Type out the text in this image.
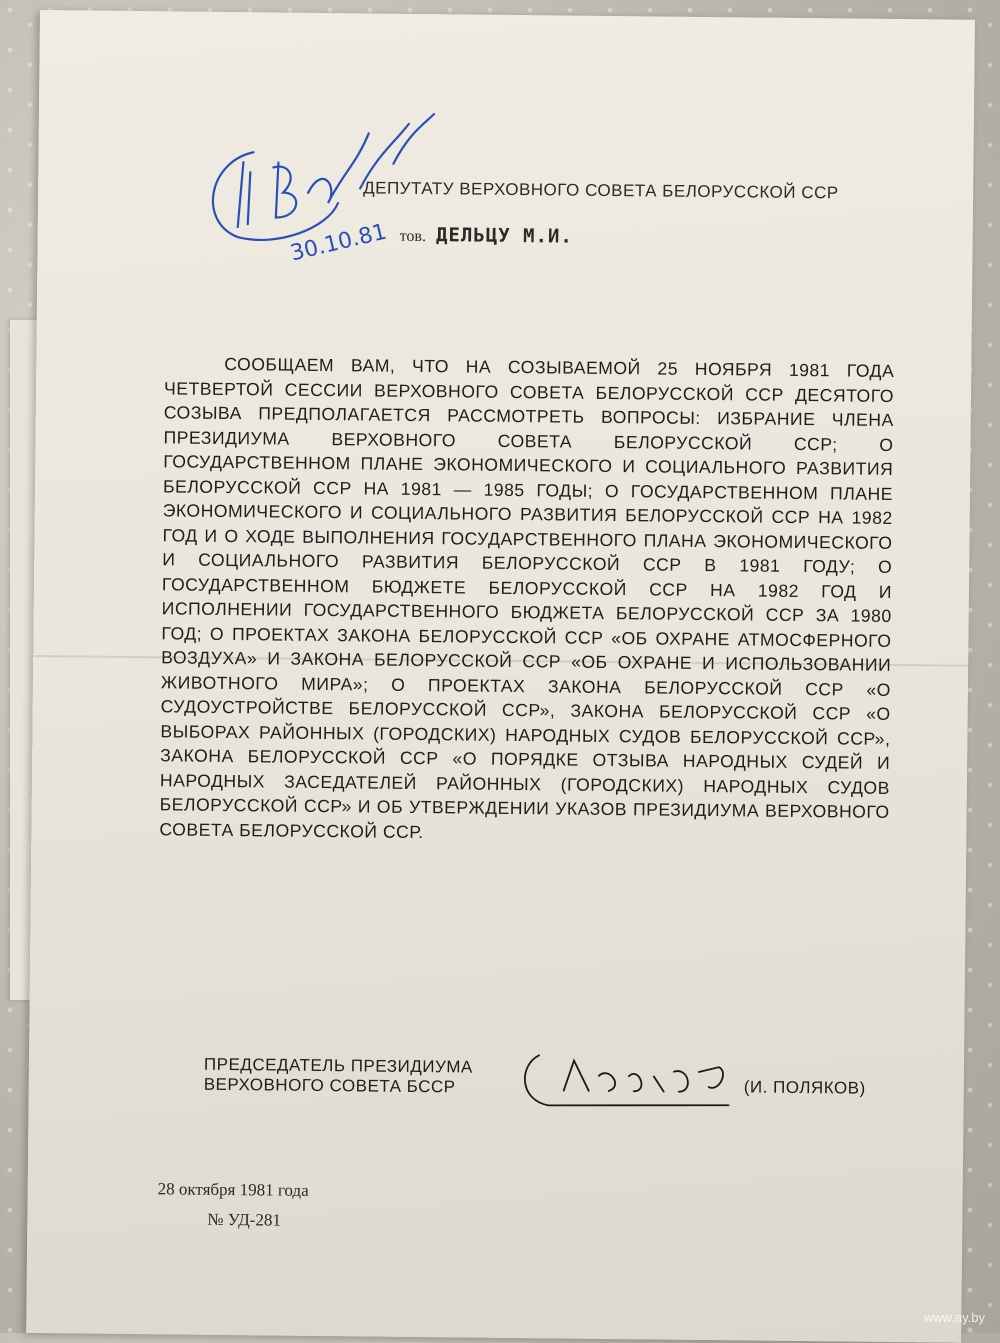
ДЕПУТАТУ ВЕРХОВНОГО СОВЕТА БЕЛОРУССКОЙ ССР
тов. ДЕЛЬЦУ М.И.
СООБЩАЕМ ВАМ, ЧТО НА СОЗЫВАЕМОЙ 25 НОЯБРЯ 1981 ГОДА ЧЕТВЕРТОЙ СЕССИИ ВЕРХОВНОГО СОВЕТА БЕЛОРУССКОЙ ССР ДЕСЯТОГО СОЗЫВА ПРЕДПОЛАГАЕТСЯ РАССМОТРЕТЬ ВОПРОСЫ: ИЗБРАНИЕ ЧЛЕНА ПРЕЗИДИУМА ВЕРХОВНОГО СОВЕТА БЕЛОРУССКОЙ ССР; О ГОСУДАРСТВЕННОМ ПЛАНЕ ЭКОНОМИЧЕСКОГО И СОЦИАЛЬНОГО РАЗВИТИЯ БЕЛОРУССКОЙ ССР НА 1981 — 1985 ГОДЫ; О ГОСУДАРСТВЕННОМ ПЛАНЕ ЭКОНОМИЧЕСКОГО И СОЦИАЛЬНОГО РАЗВИТИЯ БЕЛОРУССКОЙ ССР НА 1982 ГОД И О ХОДЕ ВЫПОЛНЕНИЯ ГОСУДАРСТВЕННОГО ПЛАНА ЭКОНОМИЧЕСКОГО И СОЦИАЛЬНОГО РАЗВИТИЯ БЕЛОРУССКОЙ ССР В 1981 ГОДУ; О ГОСУДАРСТВЕННОМ БЮДЖЕТЕ БЕЛОРУССКОЙ ССР НА 1982 ГОД И ИСПОЛНЕНИИ ГОСУДАРСТВЕННОГО БЮДЖЕТА БЕЛОРУССКОЙ ССР ЗА 1980 ГОД; О ПРОЕКТАХ ЗАКОНА БЕЛОРУССКОЙ ССР «ОБ ОХРАНЕ АТМОСФЕРНОГО ВОЗДУХА» И ЗАКОНА БЕЛОРУССКОЙ ССР «ОБ ОХРАНЕ И ИСПОЛЬЗОВАНИИ ЖИВОТНОГО МИРА»; О ПРОЕКТАХ ЗАКОНА БЕЛОРУССКОЙ ССР «О СУДОУСТРОЙСТВЕ БЕЛОРУССКОЙ ССР», ЗАКОНА БЕЛОРУССКОЙ ССР «О ВЫБОРАХ РАЙОННЫХ (ГОРОДСКИХ) НАРОДНЫХ СУДОВ БЕЛОРУССКОЙ ССР», ЗАКОНА БЕЛОРУССКОЙ ССР «О ПОРЯДКЕ ОТЗЫВА НАРОДНЫХ СУДЕЙ И НАРОДНЫХ ЗАСЕДАТЕЛЕЙ РАЙОННЫХ (ГОРОДСКИХ) НАРОДНЫХ СУДОВ БЕЛОРУССКОЙ ССР» И ОБ УТВЕРЖДЕНИИ УКАЗОВ ПРЕЗИДИУМА ВЕРХОВНОГО СОВЕТА БЕЛОРУССКОЙ ССР.
ПРЕДСЕДАТЕЛЬ ПРЕЗИДИУМА
ВЕРХОВНОГО СОВЕТА БССР	(И. ПОЛЯКОВ)
28 октября 1981 года
№ УД-281
30.10.81
www.ay.by
